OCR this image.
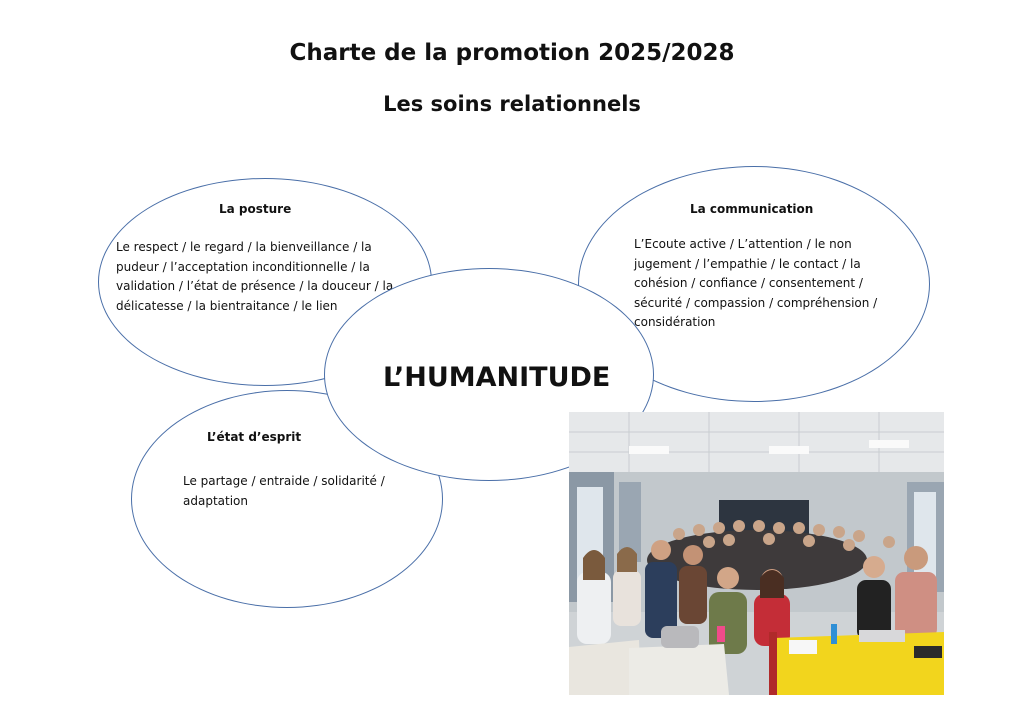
Charte de la promotion 2025/2028
Les soins relationnels
La posture
Le respect / le regard / la bienveillance / la pudeur / l’acceptation inconditionnelle / la validation / l’état de présence / la douceur / la délicatesse / la bientraitance / le lien
La communication
L’Ecoute active / L’attention / le non jugement / l’empathie / le contact / la cohésion / confiance / consentement / sécurité / compassion / compréhension / considération
L’état d’esprit
Le partage / entraide / solidarité / adaptation
L’HUMANITUDE
